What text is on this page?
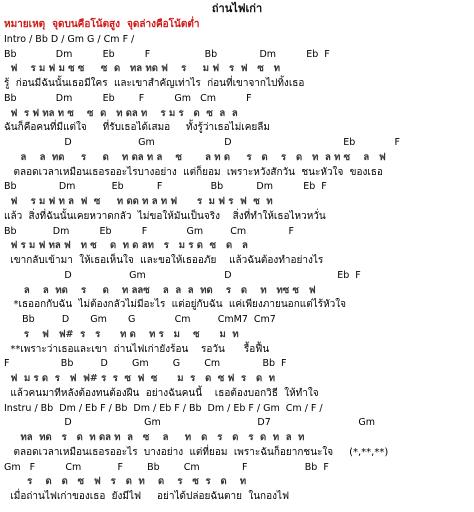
ถ่านไฟเก่า
หมายเหตุ  จุดบนคือโน้ตสูง  จุดล่างคือโน้ตต่ำ
Intro / Bb D / Gm G / Cm F /
Bb             Dm          Eb          F                  Bb              Dm          Eb  F
ฟ    ร ม ฟ ม ซ ซ     ซ  ด   ทล ทด ฟ    ร     ม ฟ   ร  ฟ   ซ   ท
รู้  ก่อนมีฉันนั้นเธอมีใคร  และเขาสำคัญเท่าไร  ก่อนที่เขาจากไปทิ้งเธอ
Bb             Dm          Eb        F          Gm   Cm          F
ฟ  ร ฟ ทล ท ซ    ซ  ด   ท ดล ท    ร ม ร   ด  ซ  ล  ล
ฉันก็คือคนที่มีแต่ใจ     ที่รับเธอได้เสมอ     ทั้งรู้ว่าเธอไม่เคยลืม
D                      Gm                       D                                     Eb             F
ล    ล  ทด     ร     ด    ท ดล ท ล    ซ       ล ท ด     ร   ด    ร   ด   ท  ล ท ซ    ล   ฟ
ตลอดเวลาเหมือนเธอรออะไรบางอย่าง  แต่ก็ยอม  เพราะหวังสักวัน  ชนะหัวใจ  ของเธอ
Bb              Dm            Eb           F                Bb           Dm          Eb  F
ฟ    ร ม ฟ ท ล  ฟ  ซ     ท ดด ท ล ท ฟ      ร  ม ฟ ร  ฟ  ซ  ท
แล้ว  สิ่งที่ฉันนั้นเคยหวาดกลัว  ไม่ขอให้มันเป็นจริง    สิ่งที่ทำให้เธอไหวหวั่น
Bb            Dm          Eb          F             Gm         Cm              F
ฟ ร ม ฟ ทล ฟ   ท ซ    ด  ท ด ลท   ร   ม ร ด  ซ   ด   ล
เขากลับเข้ามา  ให้เธอเห็นใจ  และขอให้เธออภัย    แล้วฉันต้องทำอย่างไร
D                   Gm                          D                                   Eb  F
ล    ล  ทด    ร     ด    ท ลลซ    ล  ล  ล  ทด    ร   ด    ท   ทซ ซ   ฟ
*เธออกกับฉัน  ไม่ต้องกลัวไม่มีอะไร  แต่อยู่กับฉัน  แค่เพียงภายนอกแต่ไร้หัวใจ
Bb         D       Gm       G             Cm         CmM7  Cm7
ร    ฟ   ฟ#  ร   ร      ท ด    ท ร   ม    ซ      ม  ท
**เพราะว่าเธอและเขา  ถ่านไฟเก่ายังร้อน    รอวัน      รื้อฟื้น
F                 Bb         D        Gm        G        Cm              Bb  F
ฟ  ม ร ด  ร   ฟ  ฟ# ร  ร  ซ  ฟ  ซ      ม  ร   ด  ซ ฟ  ร   ด  ท
แล้วคนมาทีหลังต้องทนต้องฝืน  อย่างฉันคนนี้    เธอต้องบอกวิธี  ให้ทำใจ
Instru / Bb  Dm / Eb F / Bb  Dm / Eb F / Bb  Dm / Eb F / Gm  Cm / F /
D                        Gm                                D7                             Gm
ทล  ทด   ร   ด  ท ดล ท  ล   ซ    ล     ท   ด   ร   ด   ร  ด  ท  ล  ท
ตลอดเวลาเหมือนเธอรออะไร  บางอย่าง  แต่ที่ยอม  เพราะฉันก็อยากชนะใจ     (*,**,**)
Gm   F          Cm            F        Bb        Cm              F                   Bb  F
ร    ด   ด   ซ   ฟ   ร   ด  ท    ด    ร   ซ  ร   ด    ท
เมื่อถ่านไฟเก่าของเธอ  ยังมีไฟ     อย่าได้ปล่อยฉันตาย  ในกองไฟ
